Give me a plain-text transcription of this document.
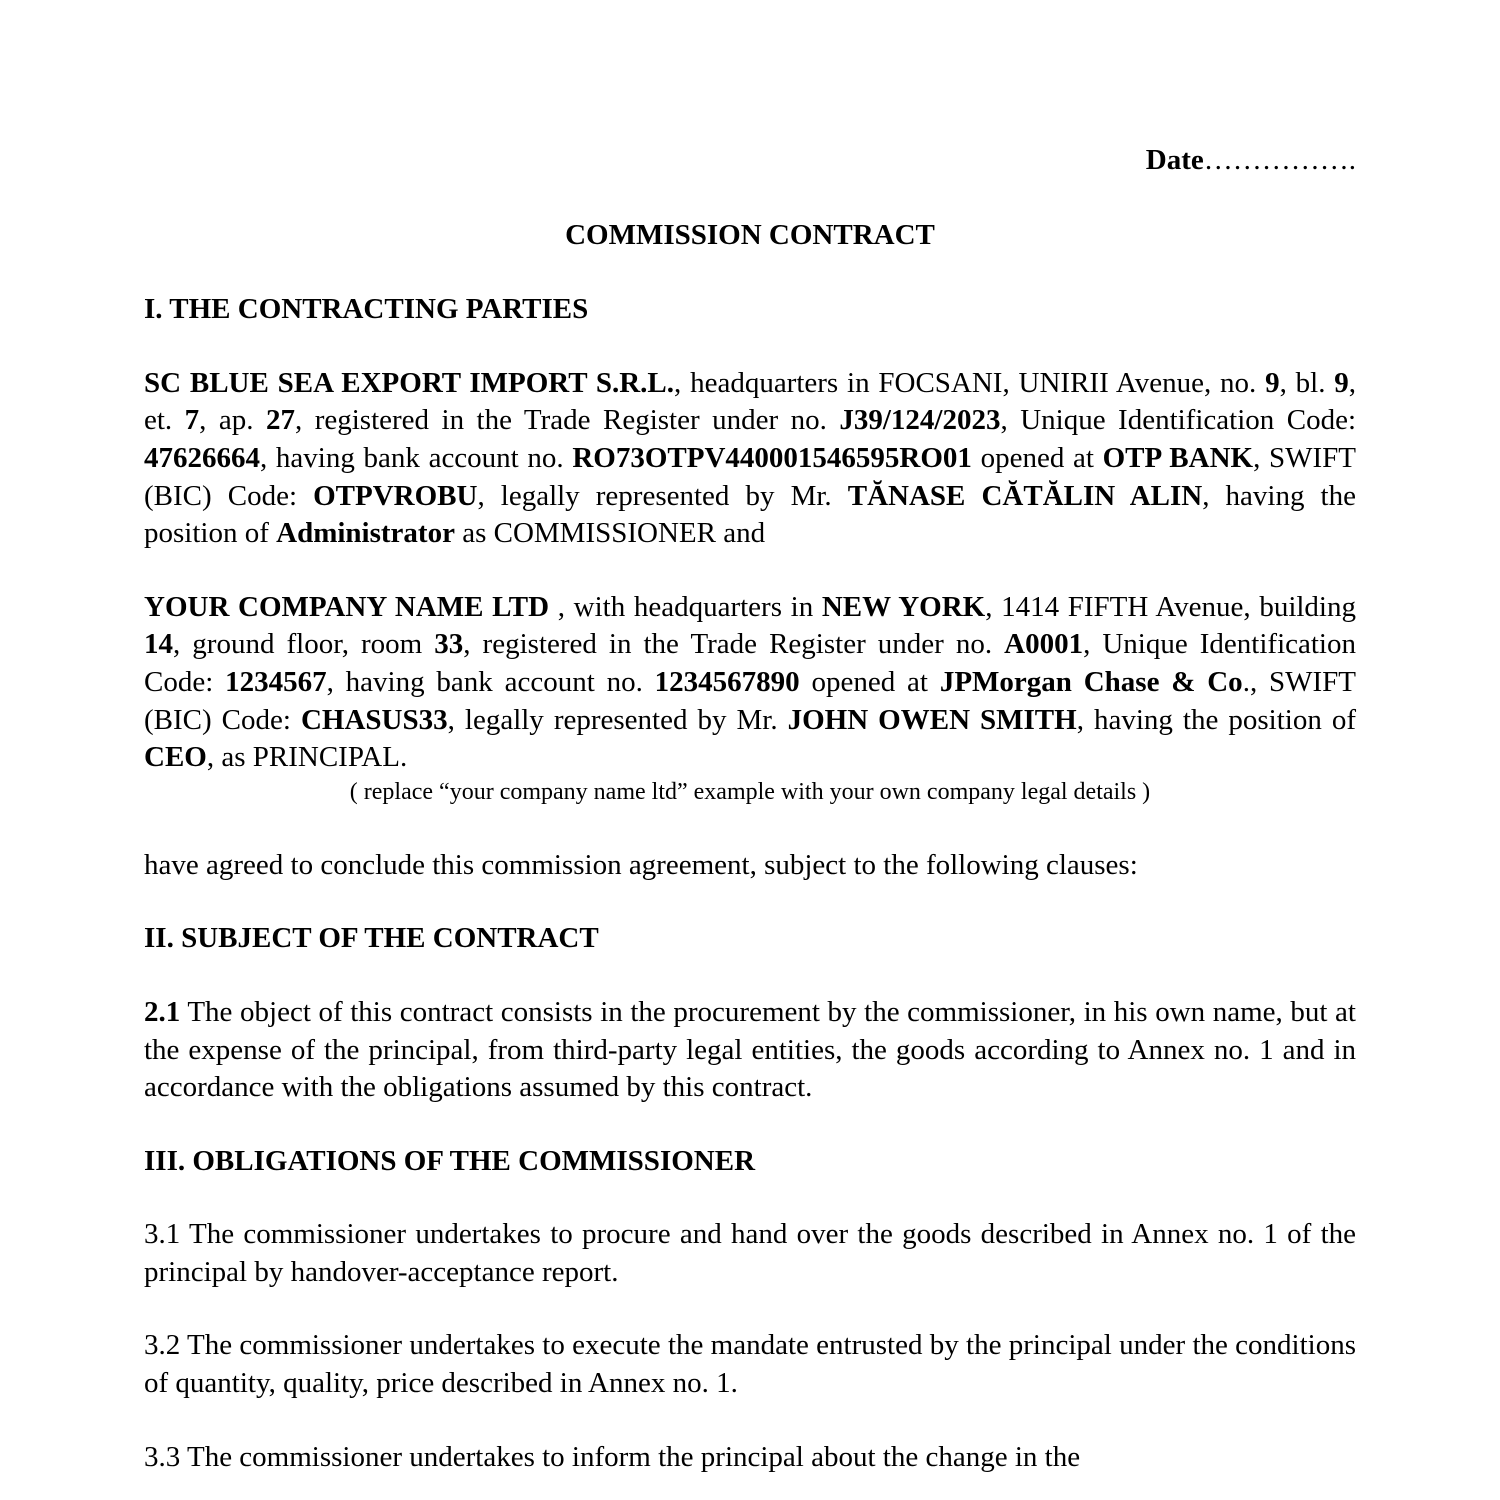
Date…………….
COMMISSION CONTRACT
I. THE CONTRACTING PARTIES

SC BLUE SEA EXPORT IMPORT S.R.L., headquarters in FOCSANI, UNIRII Avenue, no. 9, bl. 9, et. 7, ap. 27, registered in the Trade Register under no. J39/124/2023, Unique Identification Code: 47626664, having bank account no. RO73OTPV440001546595RO01 opened at OTP BANK, SWIFT (BIC) Code: OTPVROBU, legally represented by Mr. TĂNASE CĂTĂLIN ALIN, having the position of Administrator as COMMISSIONER and

YOUR COMPANY NAME LTD , with headquarters in NEW YORK, 1414 FIFTH Avenue, building 14, ground floor, room 33, registered in the Trade Register under no. A0001, Unique Identification Code: 1234567, having bank account no. 1234567890 opened at JPMorgan Chase & Co., SWIFT (BIC) Code: CHASUS33, legally represented by Mr. JOHN OWEN SMITH, having the position of CEO, as PRINCIPAL.

( replace “your company name ltd” example with your own company legal details )

have agreed to conclude this commission agreement, subject to the following clauses:

II. SUBJECT OF THE CONTRACT

2.1 The object of this contract consists in the procurement by the commissioner, in his own name, but at the expense of the principal, from third-party legal entities, the goods according to Annex no. 1 and in accordance with the obligations assumed by this contract.

III. OBLIGATIONS OF THE COMMISSIONER

3.1 The commissioner undertakes to procure and hand over the goods described in Annex no. 1 of the principal by handover-acceptance report.

3.2 The commissioner undertakes to execute the mandate entrusted by the principal under the conditions of quantity, quality, price described in Annex no. 1.

3.3 The commissioner undertakes to inform the principal about the change in the
